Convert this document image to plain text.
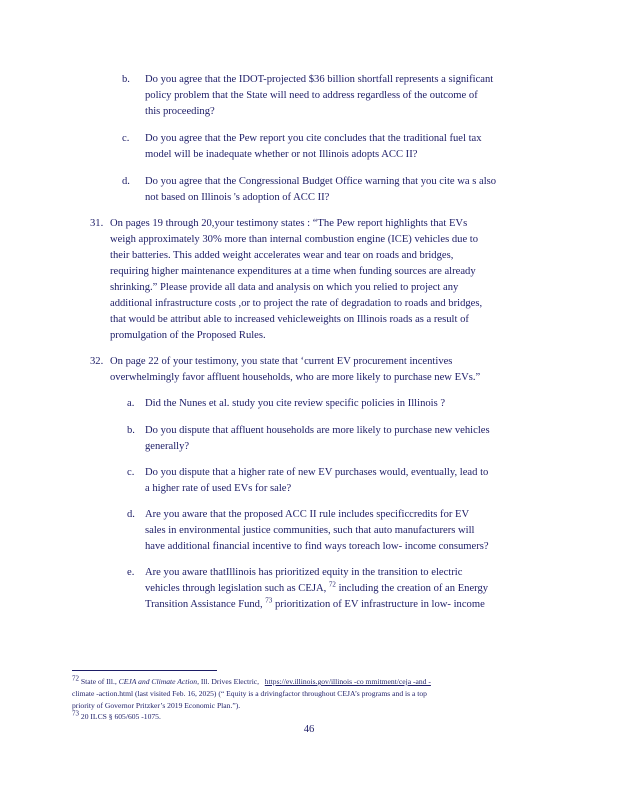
b. Do you agree that the IDOT-projected $36 billion shortfall represents a significant
policy problem that the State will need to address regardless of the outcome of
this proceeding?
c. Do you agree that the Pew report you cite concludes that the traditional fuel tax
model will be inadequate whether or not Illinois adopts ACC II?
d. Do you agree that the Congressional Budget Office warning that you cite wa s also
not based on Illinois 's adoption of ACC II?
31. On pages 19 through 20,your testimony states : “The Pew report highlights that EVs
weigh approximately 30% more than internal combustion engine (ICE) vehicles due to
their batteries. This added weight accelerates wear and tear on roads and bridges,
requiring higher maintenance expenditures at a time when funding sources are already
shrinking.” Please provide all data and analysis on which you relied to project any
additional infrastructure costs ,or to project the rate of degradation to roads and bridges,
that would be attribut able to increased vehicleweights on Illinois roads as a result of
promulgation of the Proposed Rules.
32. On page 22 of your testimony, you state that ‘current EV procurement incentives
overwhelmingly favor affluent households, who are more likely to purchase new EVs.”
a. Did the Nunes et al. study you cite review specific policies in Illinois ?
b. Do you dispute that affluent households are more likely to purchase new vehicles
generally?
c. Do you dispute that a higher rate of new EV purchases would, eventually, lead to
a higher rate of used EVs for sale?
d. Are you aware that the proposed ACC II rule includes specificcredits for EV
sales in environmental justice communities, such that auto manufacturers will
have additional financial incentive to find ways toreach low- income consumers?
e. Are you aware thatIllinois has prioritized equity in the transition to electric
vehicles through legislation such as CEJA, $^{72}$ including the creation of an Energy
Transition Assistance Fund, $^{73}$ prioritization of EV infrastructure in low- income
$^{72}$ State of Ill., CEJA and Climate Action, Ill. Drives Electric, https://ev.illinois.gov/illinois -co mmitment/ceja -and -
climate -action.html (last visited Feb. 16, 2025) (“ Equity is a drivingfactor throughout CEJA’s programs and is a top
priority of Governor Pritzker’s 2019 Economic Plan.”).
$^{73}$ 20 ILCS § 605/605 -1075.
46
